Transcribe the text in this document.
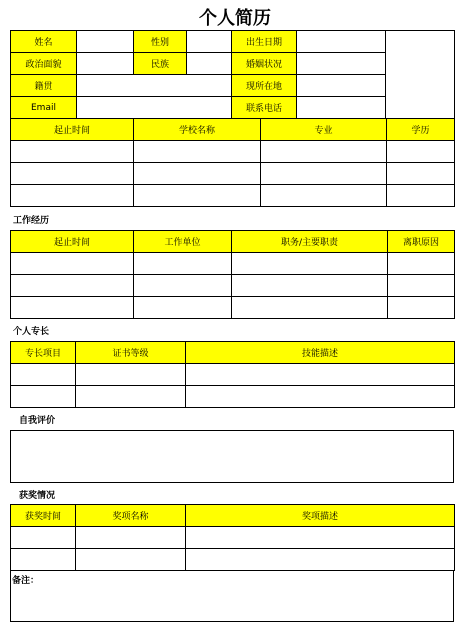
个人简历
姓名		性别		出生日期		
政治面貌		民族		婚姻状况		
籍贯				现所在地		
Email				联系电话		
起止时间	学校名称	专业	学历

工作经历
起止时间	工作单位	职务/主要职责	离职原因

个人专长
专长项目	证书等级	技能描述

自我评价
获奖情况
获奖时间	奖项名称	奖项描述

备注：
